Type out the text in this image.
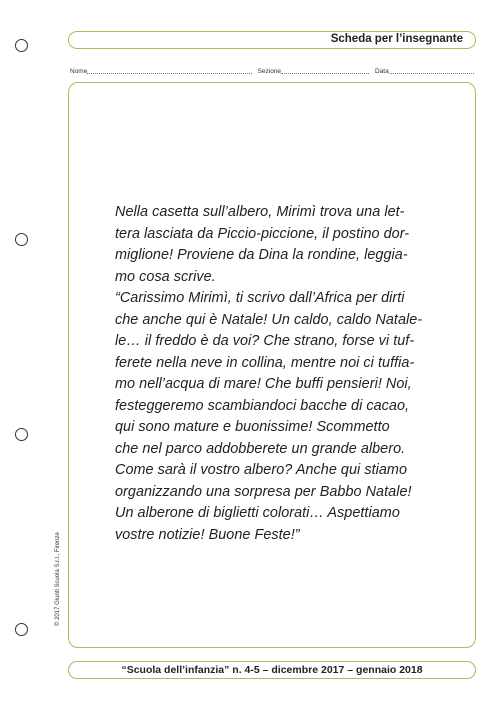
Scheda per l’insegnante
Nome	Sezione	Data
Nella casetta sull’albero, Mirimì trova una let-
tera lasciata da Piccio-piccione, il postino dor-
miglione! Proviene da Dina la rondine, leggia-
mo cosa scrive.
“Carissimo Mirimì, ti scrivo dall’Africa per dirti
che anche qui è Natale! Un caldo, caldo Natale-
le… il freddo è da voi? Che strano, forse vi tuf-
ferete nella neve in collina, mentre noi ci tuffia-
mo nell’acqua di mare! Che buffi pensieri! Noi,
festeggeremo scambiandoci bacche di cacao,
qui sono mature e buonissime! Scommetto
che nel parco addobberete un grande albero.
Come sarà il vostro albero? Anche qui stiamo
organizzando una sorpresa per Babbo Natale!
Un alberone di biglietti colorati… Aspettiamo
vostre notizie! Buone Feste!”
“Scuola dell’infanzia” n. 4-5 – dicembre 2017 – gennaio 2018
© 2017 Giunti Scuola S.r.l., Firenze
